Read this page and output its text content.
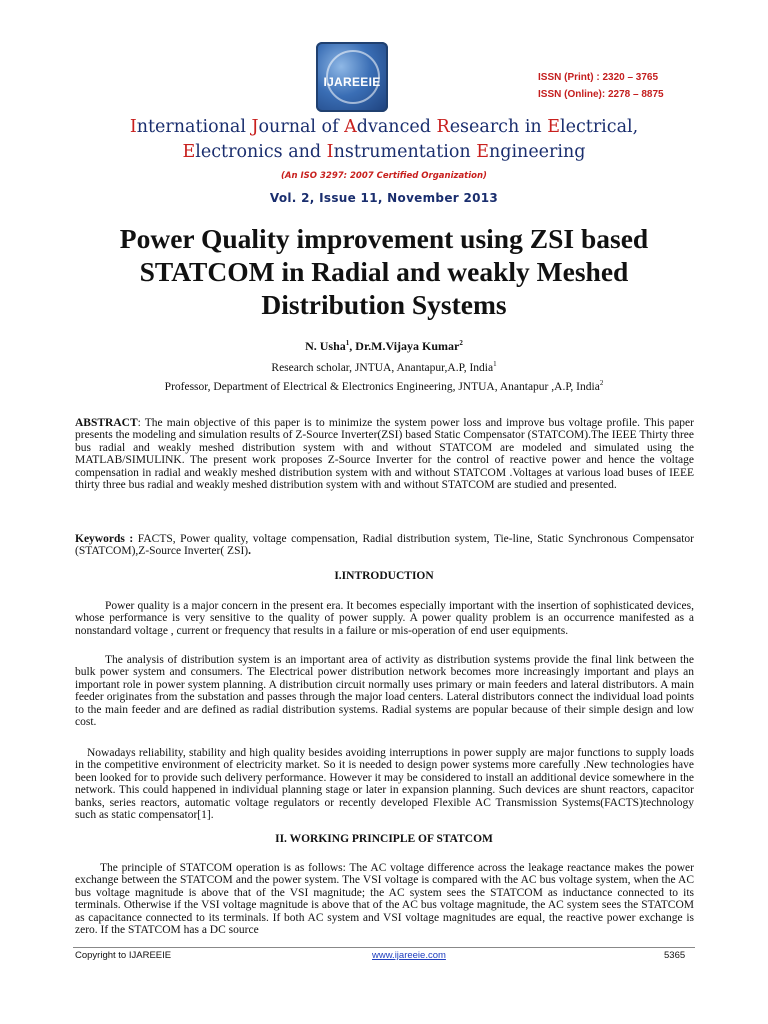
IJAREEIE	ISSN (Print) : 2320 – 3765
ISSN (Online): 2278 – 8875
International Journal of Advanced Research in Electrical,
Electronics and Instrumentation Engineering
(An ISO 3297: 2007 Certified Organization)
Vol. 2, Issue 11, November 2013
Power Quality improvement using ZSI based
STATCOM in Radial and weakly Meshed
Distribution Systems
N. Usha$^1$, Dr.M.Vijaya Kumar$^2$
Research scholar, JNTUA, Anantapur,A.P, India$^1$
Professor, Department of Electrical & Electronics Engineering, JNTUA, Anantapur ,A.P, India$^2$
ABSTRACT: The main objective of this paper is to minimize the system power loss and improve bus voltage profile. This paper presents the modeling and simulation results of Z-Source Inverter(ZSI) based Static Compensator (STATCOM).The IEEE Thirty three bus radial and weakly meshed distribution system with and without STATCOM are modeled and simulated using the MATLAB/SIMULINK. The present work proposes Z-Source Inverter for the control of reactive power and hence the voltage compensation in radial and weakly meshed distribution system with and without STATCOM .Voltages at various load buses of IEEE thirty three bus radial and weakly meshed distribution system with and without STATCOM are studied and presented.
Keywords : FACTS, Power quality, voltage compensation, Radial distribution system, Tie-line, Static Synchronous Compensator (STATCOM),Z-Source Inverter( ZSI).
I.INTRODUCTION
Power quality is a major concern in the present era. It becomes especially important with the insertion of sophisticated devices, whose performance is very sensitive to the quality of power supply. A power quality problem is an occurrence manifested as a nonstandard voltage , current or frequency that results in a failure or mis-operation of end user equipments.
The analysis of distribution system is an important area of activity as distribution systems provide the final link between the bulk power system and consumers. The Electrical power distribution network becomes more increasingly important and plays an important role in power system planning. A distribution circuit normally uses primary or main feeders and lateral distributors. A main feeder originates from the substation and passes through the major load centers. Lateral distributors connect the individual load points to the main feeder and are defined as radial distribution systems. Radial systems are popular because of their simple design and low cost.
Nowadays reliability, stability and high quality besides avoiding interruptions in power supply are major functions to supply loads in the competitive environment of electricity market. So it is needed to design power systems more carefully .New technologies have been looked for to provide such delivery performance. However it may be considered to install an additional device somewhere in the network. This could happened in individual planning stage or later in expansion planning. Such devices are shunt reactors, capacitor banks, series reactors, automatic voltage regulators or recently developed Flexible AC Transmission Systems(FACTS)technology such as static compensator[1].
II. WORKING PRINCIPLE OF STATCOM
The principle of STATCOM operation is as follows: The AC voltage difference across the leakage reactance makes the power exchange between the STATCOM and the power system. The VSI voltage is compared with the AC bus voltage system, when the AC bus voltage magnitude is above that of the VSI magnitude; the AC system sees the STATCOM as inductance connected to its terminals. Otherwise if the VSI voltage magnitude is above that of the AC bus voltage magnitude, the AC system sees the STATCOM as capacitance connected to its terminals. If both AC system and VSI voltage magnitudes are equal, the reactive power exchange is zero. If the STATCOM has a DC source
Copyright to IJAREEIE	www.ijareeie.com	5365
